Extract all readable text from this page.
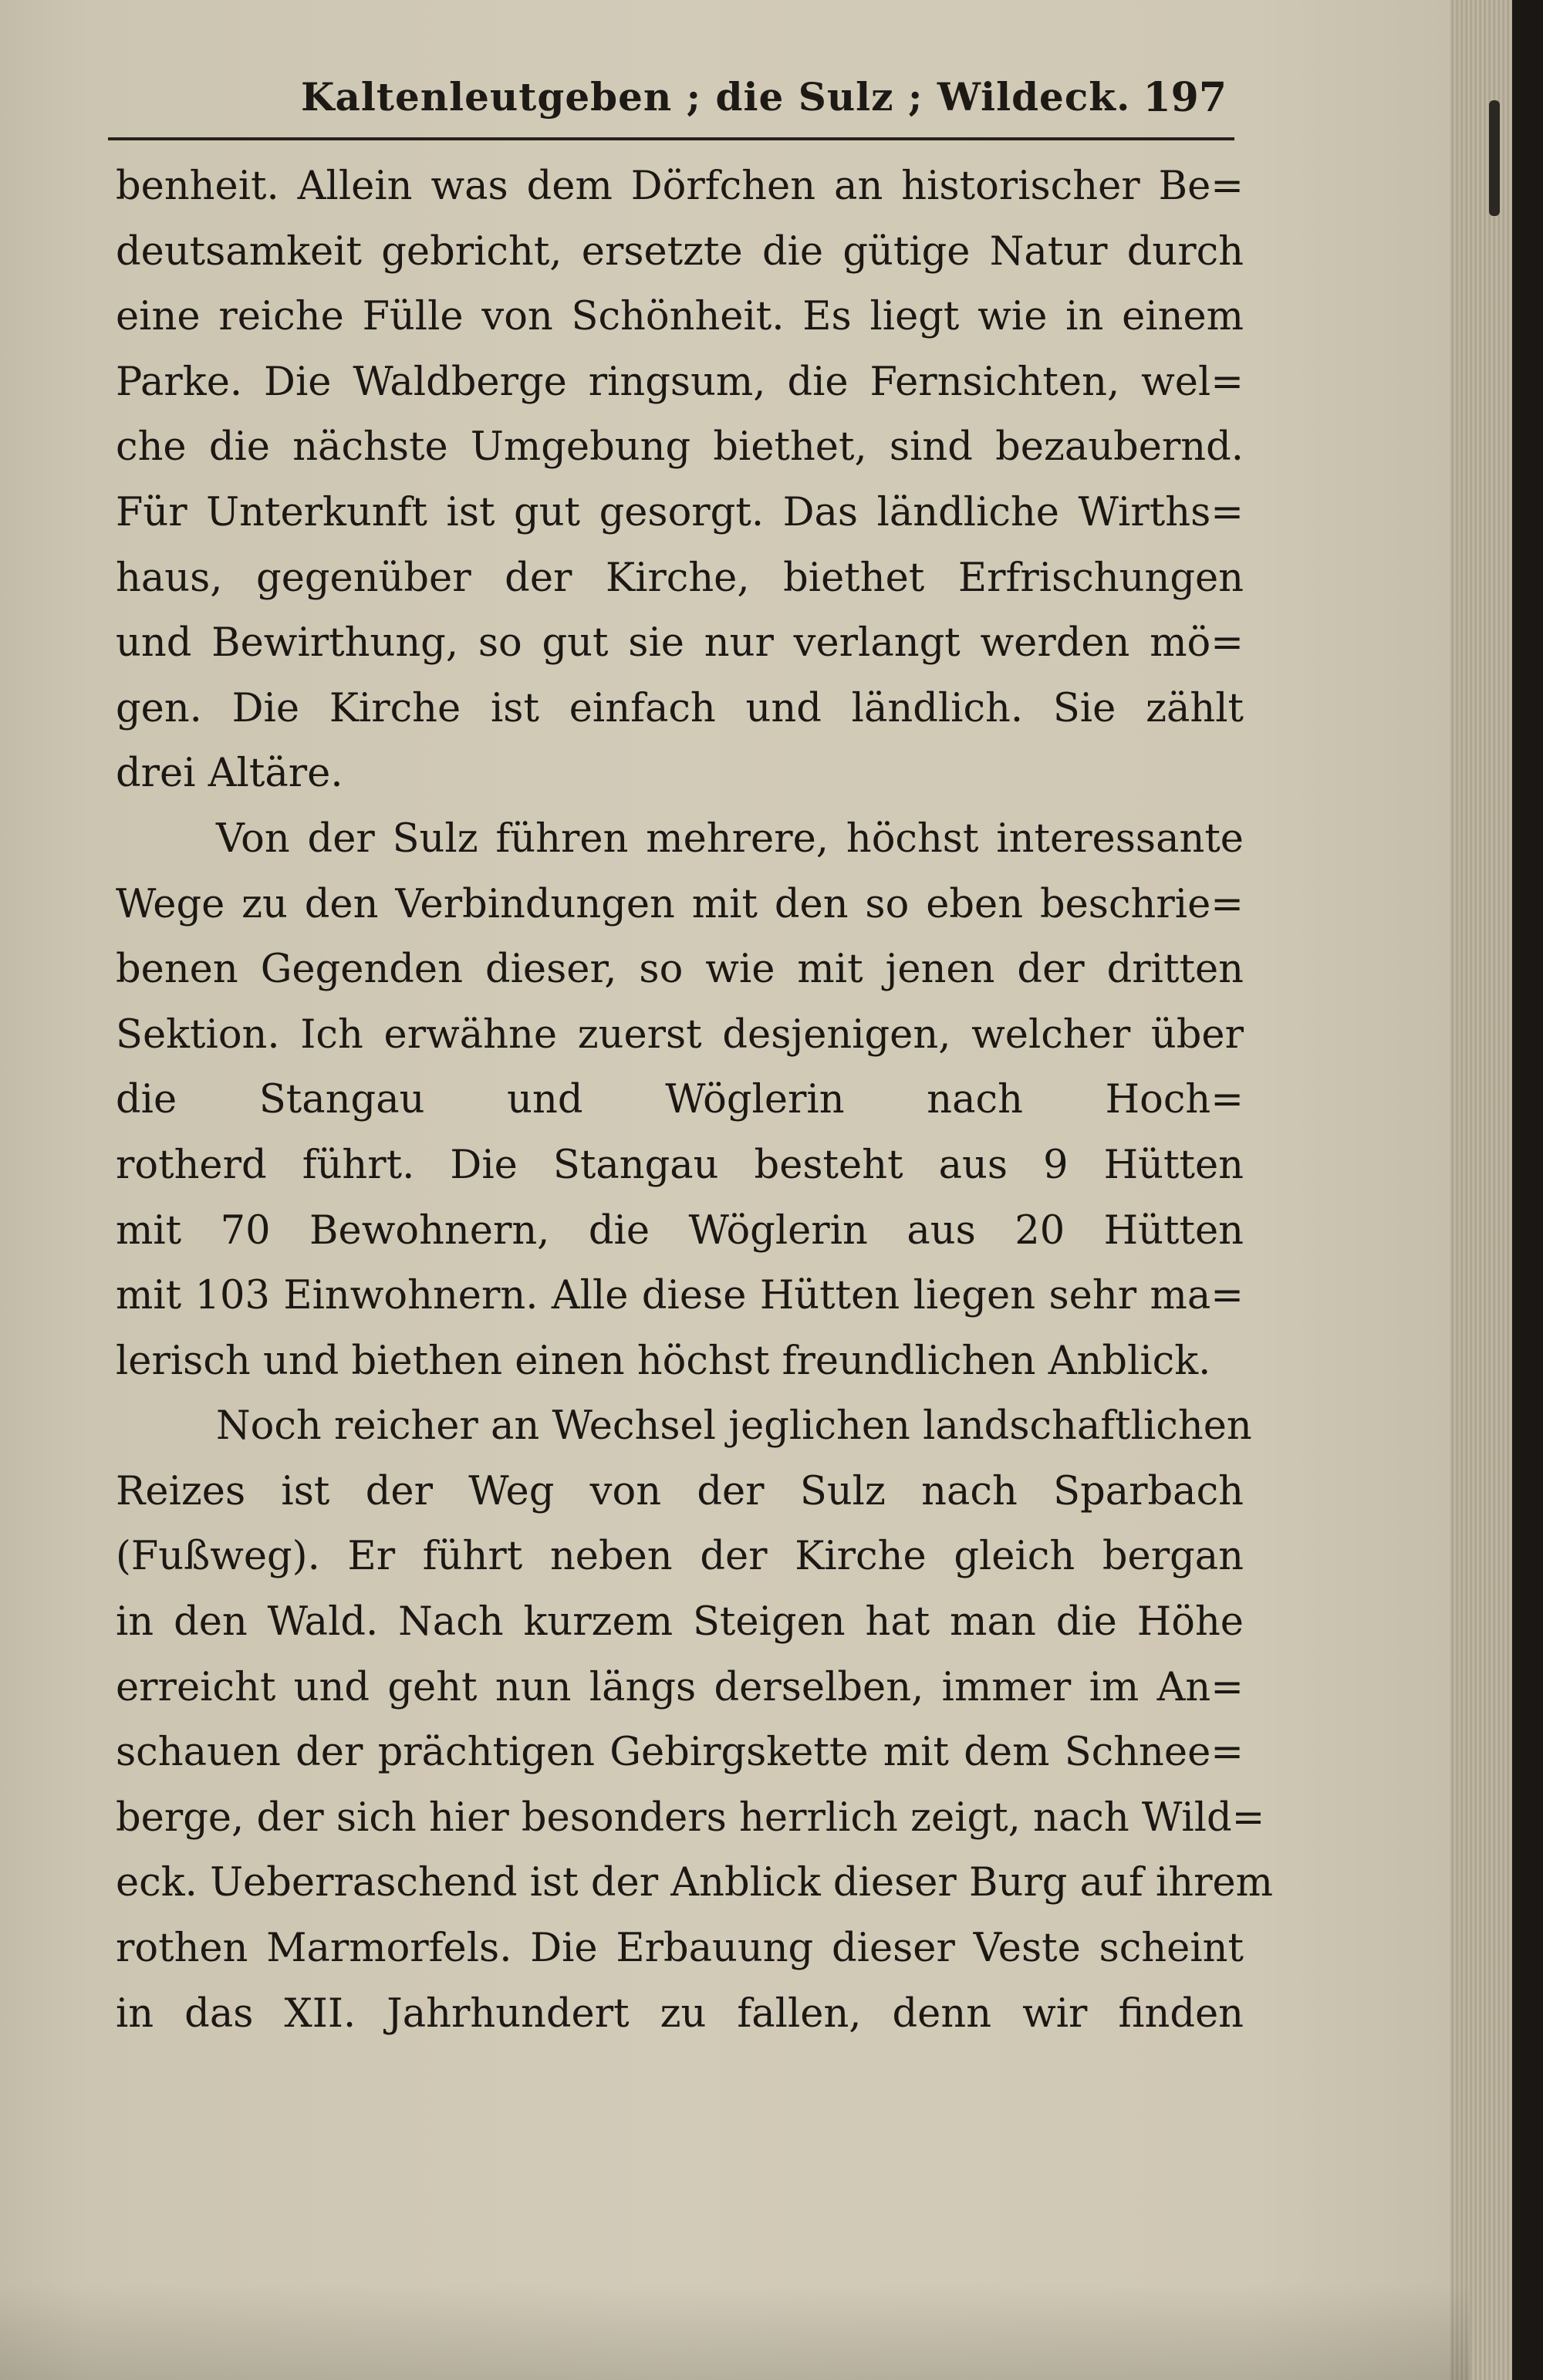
Kaltenleutgeben ; die Sulz ; Wildeck. 197
benheit. Allein was dem Dörfchen an historischer Be=
deutsamkeit gebricht, ersetzte die gütige Natur durch
eine reiche Fülle von Schönheit. Es liegt wie in einem
Parke. Die Waldberge ringsum, die Fernsichten, wel=
che die nächste Umgebung biethet, sind bezaubernd.
Für Unterkunft ist gut gesorgt. Das ländliche Wirths=
haus, gegenüber der Kirche, biethet Erfrischungen
und Bewirthung, so gut sie nur verlangt werden mö=
gen. Die Kirche ist einfach und ländlich. Sie zählt
drei Altäre.
Von der Sulz führen mehrere, höchst interessante
Wege zu den Verbindungen mit den so eben beschrie=
benen Gegenden dieser, so wie mit jenen der dritten
Sektion. Ich erwähne zuerst desjenigen, welcher über
die Stangau und Wöglerin nach Hoch=
rotherd führt. Die Stangau besteht aus 9 Hütten
mit 70 Bewohnern, die Wöglerin aus 20 Hütten
mit 103 Einwohnern. Alle diese Hütten liegen sehr ma=
lerisch und biethen einen höchst freundlichen Anblick.
Noch reicher an Wechsel jeglichen landschaftlichen
Reizes ist der Weg von der Sulz nach Sparbach
(Fußweg). Er führt neben der Kirche gleich bergan
in den Wald. Nach kurzem Steigen hat man die Höhe
erreicht und geht nun längs derselben, immer im An=
schauen der prächtigen Gebirgskette mit dem Schnee=
berge, der sich hier besonders herrlich zeigt, nach Wild=
eck. Ueberraschend ist der Anblick dieser Burg auf ihrem
rothen Marmorfels. Die Erbauung dieser Veste scheint
in das XII. Jahrhundert zu fallen, denn wir finden
